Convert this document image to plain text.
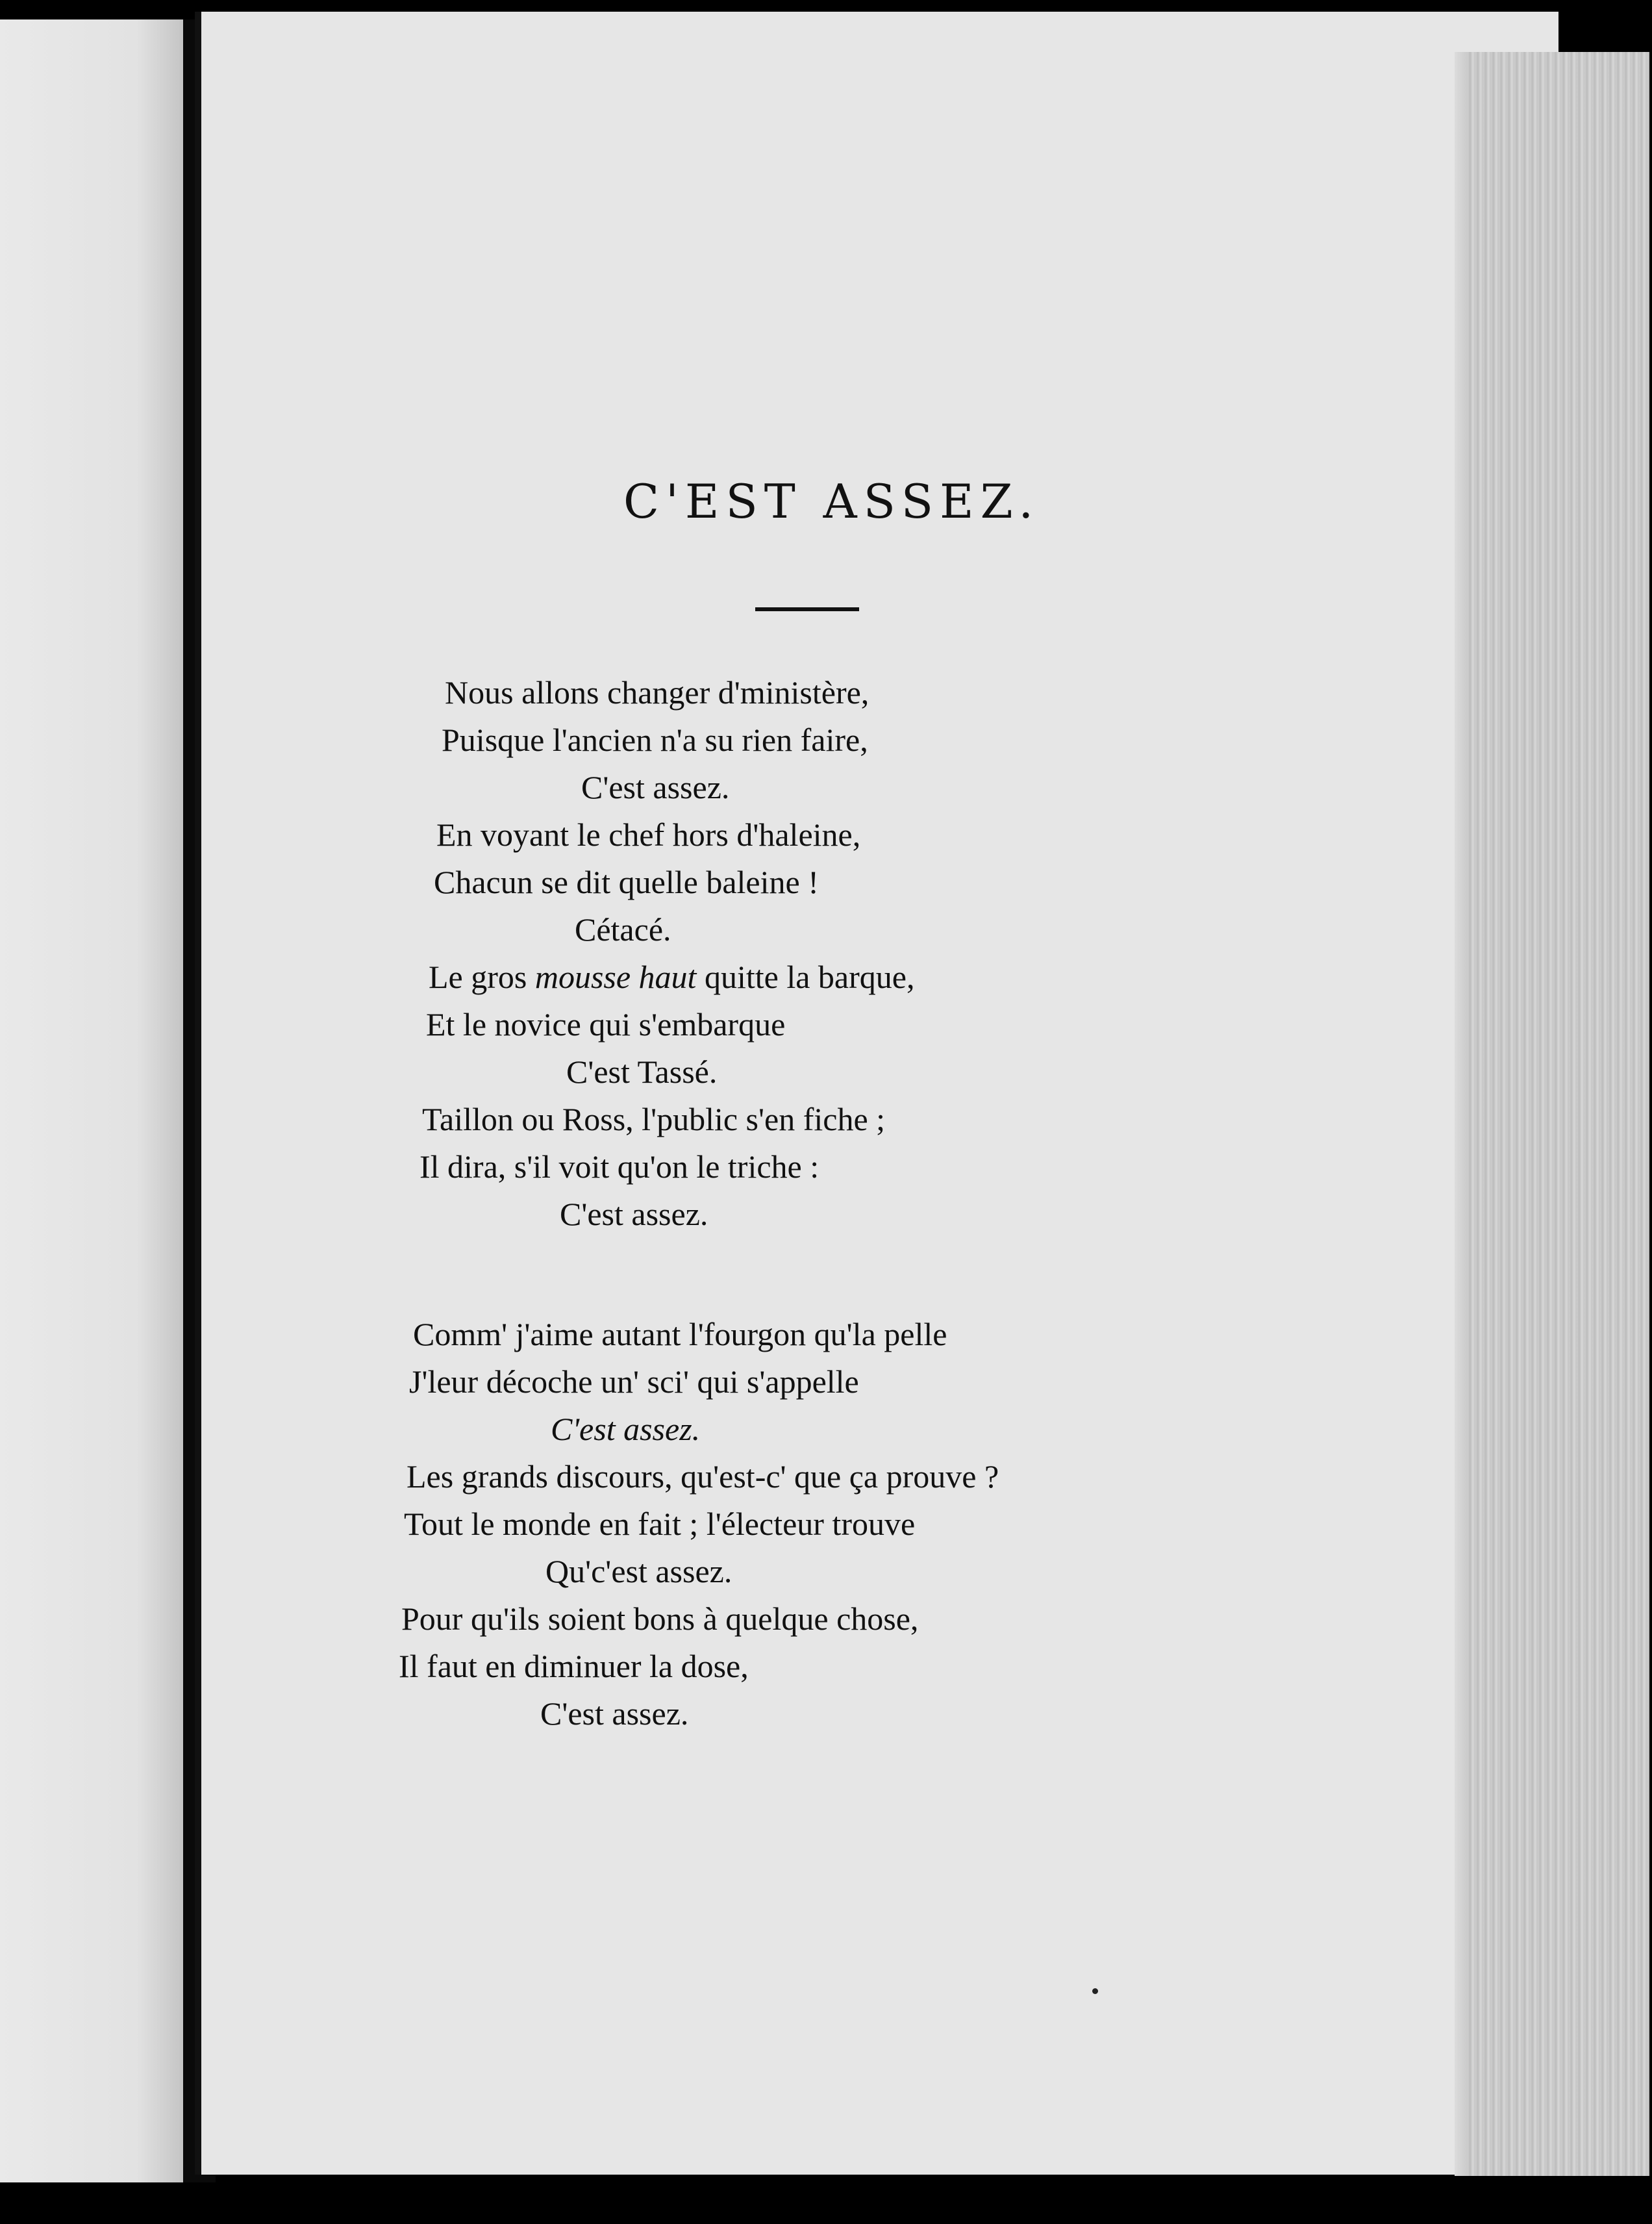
C'EST ASSEZ.
Nous allons changer d'ministère,
Puisque l'ancien n'a su rien faire,
C'est assez.
En voyant le chef hors d'haleine,
Chacun se dit quelle baleine !
Cétacé.
Le gros mousse haut quitte la barque,
Et le novice qui s'embarque
C'est Tassé.
Taillon ou Ross, l'public s'en fiche ;
Il dira, s'il voit qu'on le triche :
C'est assez.
Comm' j'aime autant l'fourgon qu'la pelle
J'leur décoche un' sci' qui s'appelle
C'est assez.
Les grands discours, qu'est-c' que ça prouve ?
Tout le monde en fait ; l'électeur trouve
Qu'c'est assez.
Pour qu'ils soient bons à quelque chose,
Il faut en diminuer la dose,
C'est assez.
